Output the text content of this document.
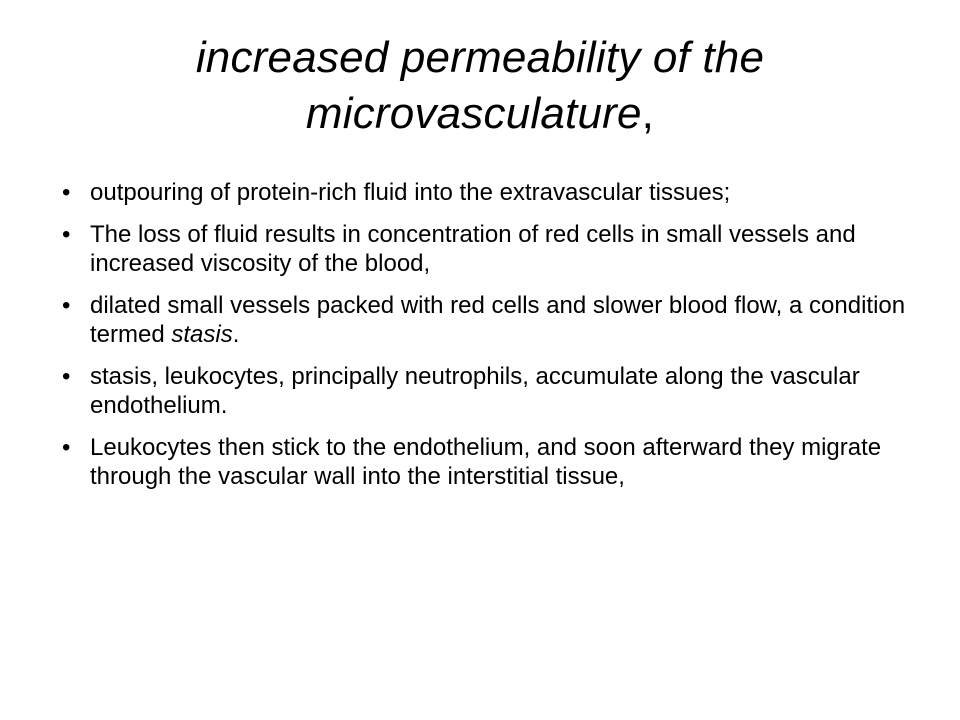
increased permeability of the microvasculature,
• outpouring of protein-rich fluid into the extravascular tissues;
• The loss of fluid results in concentration of red cells in small vessels and increased viscosity of the blood,
• dilated small vessels packed with red cells and slower blood flow, a condition termed stasis.
• stasis, leukocytes, principally neutrophils, accumulate along the vascular endothelium.
• Leukocytes then stick to the endothelium, and soon afterward they migrate through the vascular wall into the interstitial tissue,
